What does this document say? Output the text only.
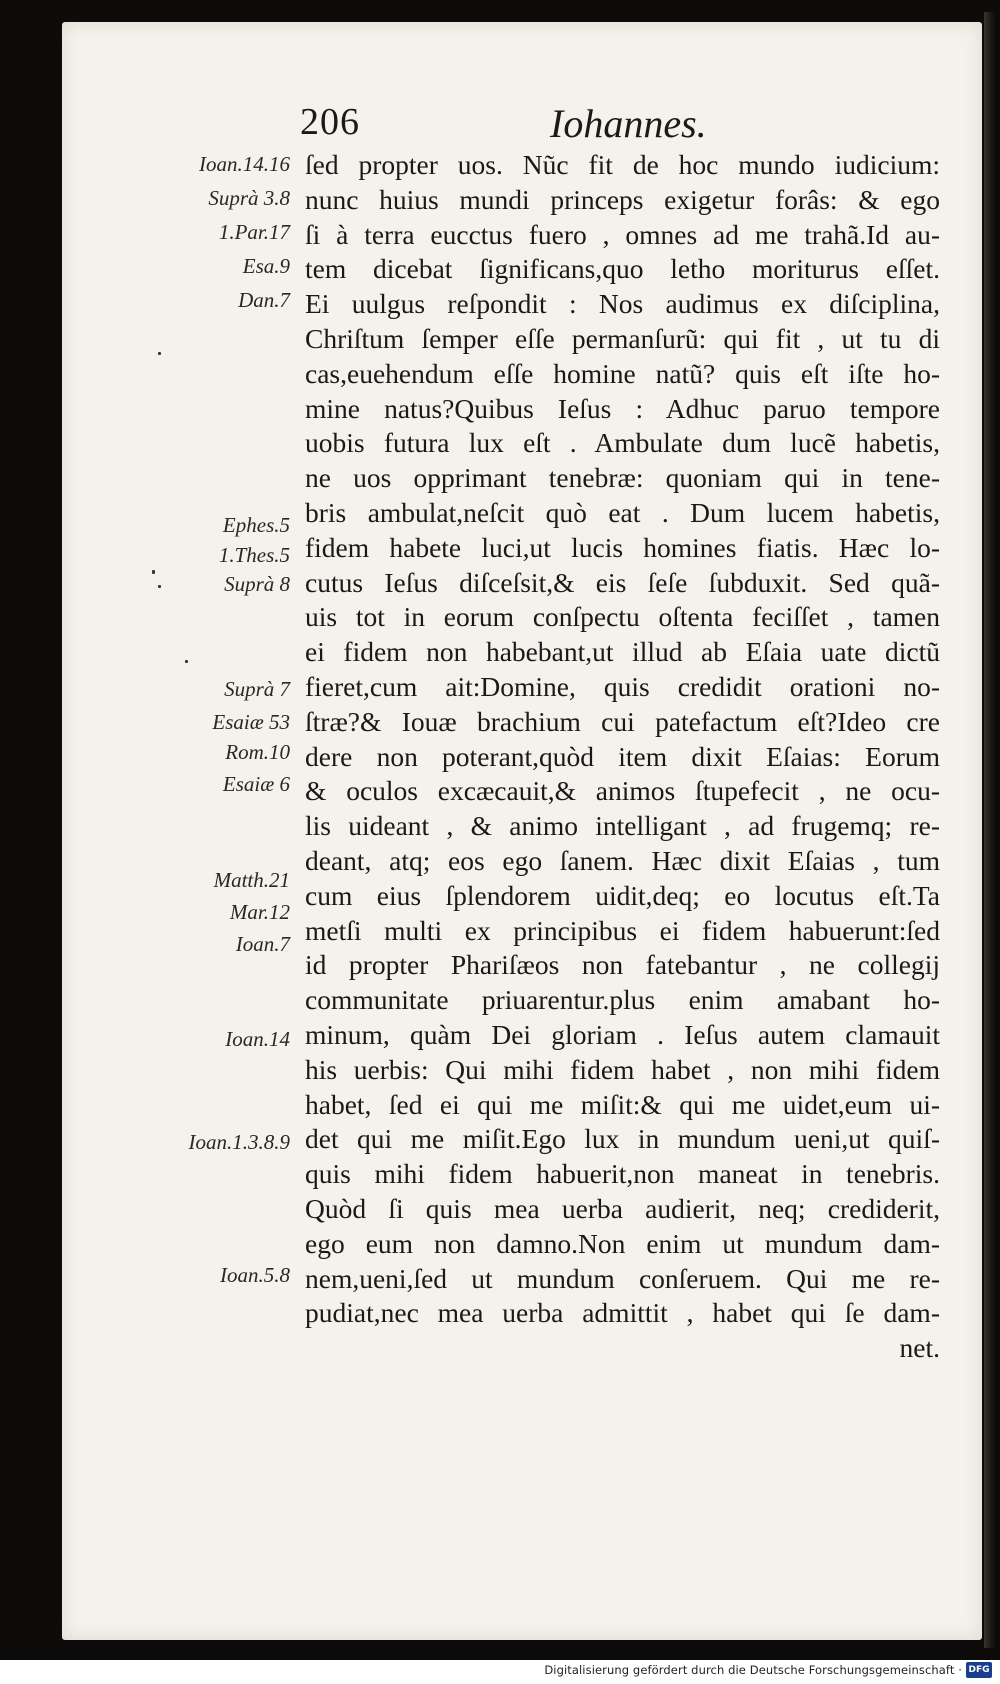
206	Iohannes.
Ioan.14.16
Suprà 3.8
1.Par.17
Esa.9
Dan.7
Ephes.5
1.Thes.5
Suprà 8
Suprà 7
Esaiæ 53
Rom.10
Esaiæ 6
Matth.21
Mar.12
Ioan.7
Ioan.14
Ioan.1.3.8.9
Ioan.5.8
ſed propter uos. Nũc fit de hoc mundo iudicium:
nunc huius mundi princeps exigetur forâs: & ego
ſi à terra eucctus fuero , omnes ad me trahã.Id au-
tem dicebat ſignificans,quo letho moriturus eſſet.
Ei uulgus reſpondit : Nos audimus ex diſciplina,
Chriſtum ſemper eſſe permanſurũ: qui fit , ut tu di
cas,euehendum eſſe homine natũ? quis eſt iſte ho-
mine natus?Quibus Ieſus : Adhuc paruo tempore
uobis futura lux eſt . Ambulate dum lucẽ habetis,
ne uos opprimant tenebræ: quoniam qui in tene-
bris ambulat,neſcit quò eat . Dum lucem habetis,
fidem habete luci,ut lucis homines fiatis. Hæc lo-
cutus Ieſus diſceſsit,& eis ſeſe ſubduxit. Sed quã-
uis tot in eorum conſpectu oſtenta feciſſet , tamen
ei fidem non habebant,ut illud ab Eſaia uate dictũ
fieret,cum ait:Domine, quis credidit orationi no-
ſtræ?& Iouæ brachium cui patefactum eſt?Ideo cre
dere non poterant,quòd item dixit Eſaias: Eorum
& oculos excæcauit,& animos ſtupefecit , ne ocu-
lis uideant , & animo intelligant , ad frugemq; re-
deant, atq; eos ego ſanem. Hæc dixit Eſaias , tum
cum eius ſplendorem uidit,deq; eo locutus eſt.Ta
metſi multi ex principibus ei fidem habuerunt:ſed
id propter Phariſæos non fatebantur , ne collegij
communitate priuarentur.plus enim amabant ho-
minum, quàm Dei gloriam . Ieſus autem clamauit
his uerbis: Qui mihi fidem habet , non mihi fidem
habet, ſed ei qui me miſit:& qui me uidet,eum ui-
det qui me miſit.Ego lux in mundum ueni,ut quiſ-
quis mihi fidem habuerit,non maneat in tenebris.
Quòd ſi quis mea uerba audierit, neq; crediderit,
ego eum non damno.Non enim ut mundum dam-
nem,ueni,ſed ut mundum conſeruem. Qui me re-
pudiat,nec mea uerba admittit , habet qui ſe dam-
net.
Digitalisierung gefördert durch die Deutsche Forschungsgemeinschaft · DFG
